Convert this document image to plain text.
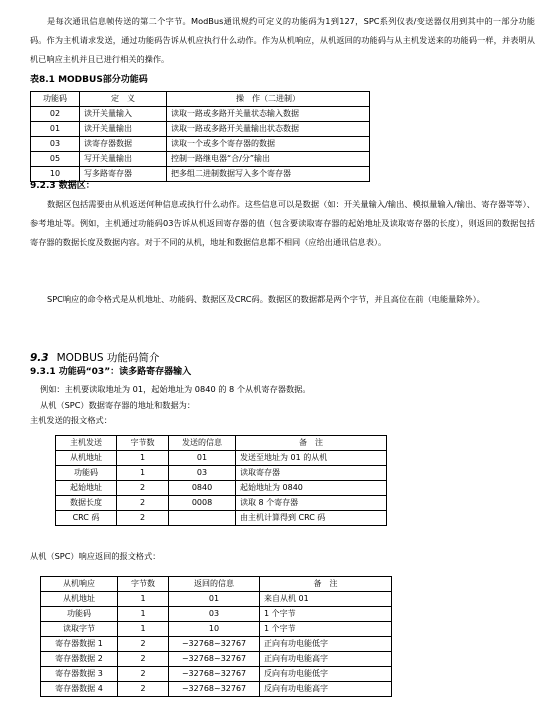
是每次通讯信息帧传送的第二个字节。ModBus通讯规约可定义的功能码为1到127，SPC系列仪表/变送器仅用到其中的一部分功能码。作为主机请求发送，通过功能码告诉从机应执行什么动作。作为从机响应，从机返回的功能码与从主机发送来的功能码一样，并表明从机已响应主机并且已进行相关的操作。
表8.1 MODBUS部分功能码
功能码	定　义	操　作（二进制）
02	读开关量输入	读取一路或多路开关量状态输入数据
01	读开关量输出	读取一路或多路开关量输出状态数据
03	读寄存器数据	读取一个或多个寄存器的数据
05	写开关量输出	控制一路继电器“合/分”输出
10	写多路寄存器	把多组二进制数据写入多个寄存器
9.2.3 数据区：
数据区包括需要由从机返送何种信息或执行什么动作。这些信息可以是数据（如：开关量输入/输出、模拟量输入/输出、寄存器等等）、参考地址等。例如，主机通过功能码03告诉从机返回寄存器的值（包含要读取寄存器的起始地址及读取寄存器的长度），则返回的数据包括寄存器的数据长度及数据内容。对于不同的从机，地址和数据信息都不相同（应给出通讯信息表）。
SPC响应的命令格式是从机地址、功能码、数据区及CRC码。数据区的数据都是两个字节，并且高位在前（电能量除外）。
9.3 MODBUS 功能码简介
9.3.1 功能码“03”：读多路寄存器输入
例如：主机要读取地址为 01，起始地址为 0840 的 8 个从机寄存器数据。
从机（SPC）数据寄存器的地址和数据为：
主机发送的报文格式：
主机发送	字节数	发送的信息	备　注
从机地址	1	01	发送至地址为 01 的从机
功能码	1	03	读取寄存器
起始地址	2	0840	起始地址为 0840
数据长度	2	0008	读取 8 个寄存器
CRC 码	2		由主机计算得到 CRC 码
从机（SPC）响应返回的报文格式：
从机响应	字节数	返回的信息	备　注
从机地址	1	01	来自从机 01
功能码	1	03	1 个字节
读取字节	1	10	1 个字节
寄存器数据 1	2	−32768~32767	正向有功电能低字
寄存器数据 2	2	−32768~32767	正向有功电能高字
寄存器数据 3	2	−32768~32767	反向有功电能低字
寄存器数据 4	2	−32768~32767	反向有功电能高字
